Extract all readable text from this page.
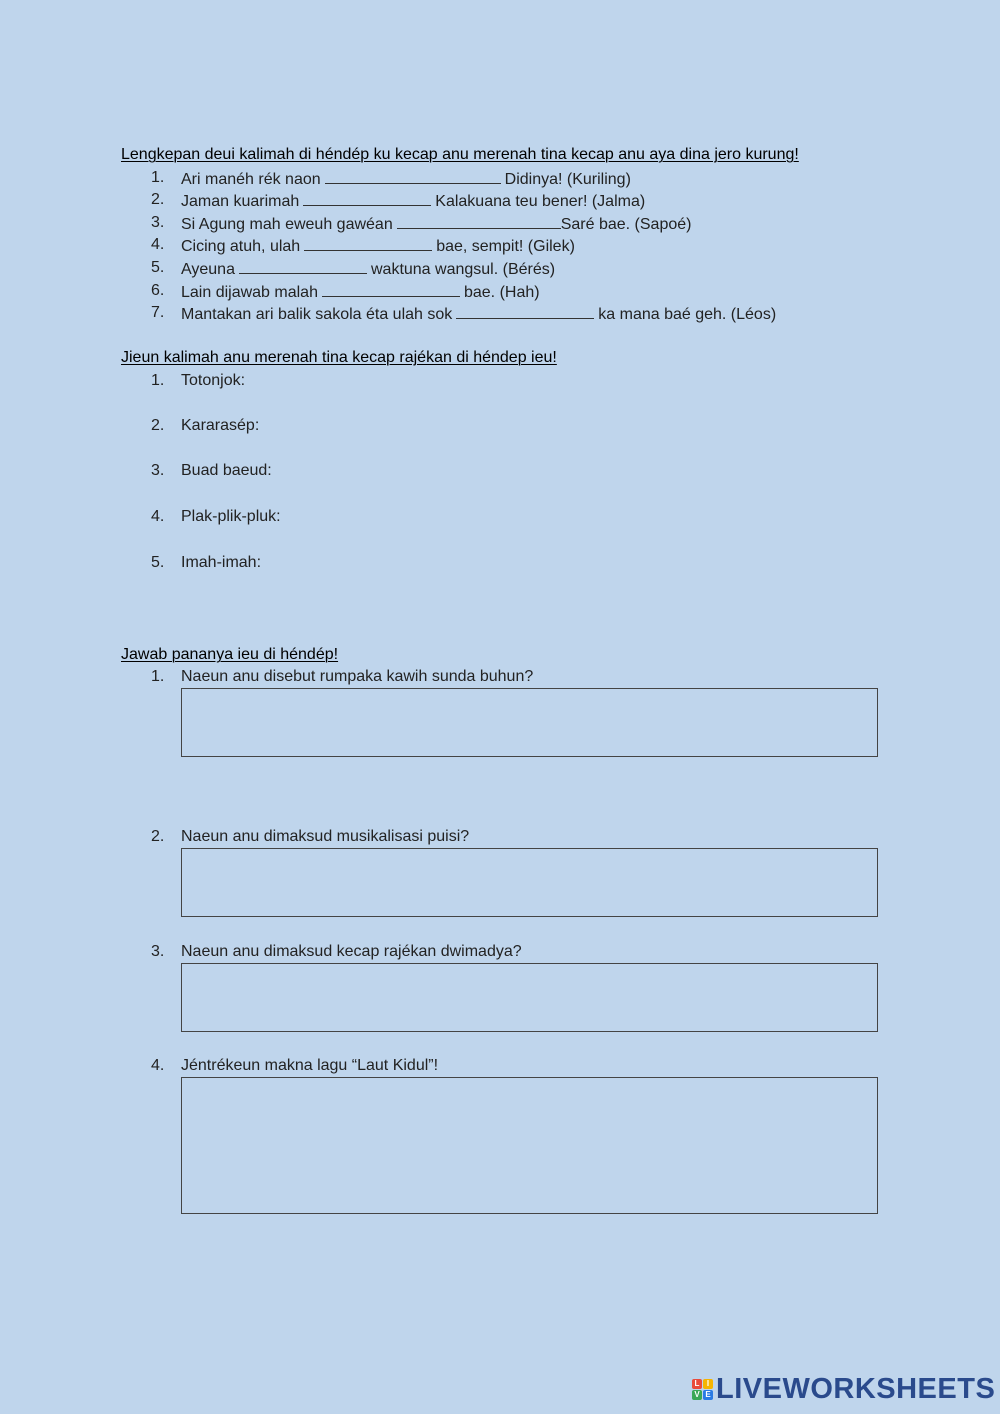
Lengkepan deui kalimah di héndép ku kecap anu merenah tina kecap anu aya dina jero kurung!
1. Ari manéh rék naon	Didinya! (Kuriling)
2. Jaman kuarimah	Kalakuana teu bener! (Jalma)
3. Si Agung mah eweuh gawéan	Saré bae. (Sapoé)
4. Cicing atuh, ulah	bae, sempit! (Gilek)
5. Ayeuna	waktuna wangsul. (Bérés)
6. Lain dijawab malah	bae. (Hah)
7. Mantakan ari balik sakola éta ulah sok	ka mana baé geh. (Léos)
Jieun kalimah anu merenah tina kecap rajékan di héndep ieu!
1. Totonjok:
2. Kararasép:
3. Buad baeud:
4. Plak-plik-pluk:
5. Imah-imah:
Jawab pananya ieu di héndép!
1. Naeun anu disebut rumpaka kawih sunda buhun?
2. Naeun anu dimaksud musikalisasi puisi?
3. Naeun anu dimaksud kecap rajékan dwimadya?
4. Jéntrékeun makna lagu “Laut Kidul”!
L I
V E LIVEWORKSHEETS
